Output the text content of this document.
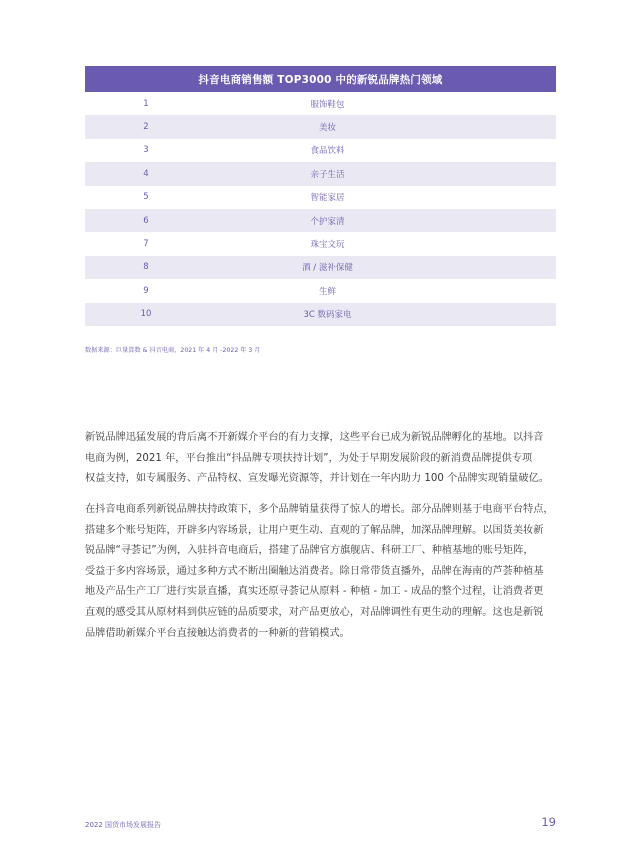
抖音电商销售额 TOP3000 中的新锐品牌热门领域
1	服饰鞋包
2	美妆
3	食品饮料
4	亲子生活
5	智能家居
6	个护家清
7	珠宝文玩
8	酒 / 滋补保健
9	生鲜
10	3C 数码家电
数据来源：巨量算数 & 抖音电商，2021 年 4 月 -2022 年 3 月

新锐品牌迅猛发展的背后离不开新媒介平台的有力支撑，这些平台已成为新锐品牌孵化的基地。以抖音
电商为例，2021 年，平台推出“抖品牌专项扶持计划”，为处于早期发展阶段的新消费品牌提供专项
权益支持，如专属服务、产品特权、宣发曝光资源等，并计划在一年内助力 100 个品牌实现销量破亿。

在抖音电商系列新锐品牌扶持政策下，多个品牌销量获得了惊人的增长。部分品牌则基于电商平台特点，
搭建多个账号矩阵，开辟多内容场景，让用户更生动、直观的了解品牌，加深品牌理解。以国货美妆新
锐品牌“寻荟记”为例，入驻抖音电商后，搭建了品牌官方旗舰店、科研工厂、种植基地的账号矩阵，
受益于多内容场景，通过多种方式不断出圈触达消费者。除日常带货直播外，品牌在海南的芦荟种植基
地及产品生产工厂进行实景直播，真实还原寻荟记从原料 - 种植 - 加工 - 成品的整个过程，让消费者更
直观的感受其从原材料到供应链的品质要求，对产品更放心，对品牌调性有更生动的理解。这也是新锐
品牌借助新媒介平台直接触达消费者的一种新的营销模式。

2022 国货市场发展报告	19
